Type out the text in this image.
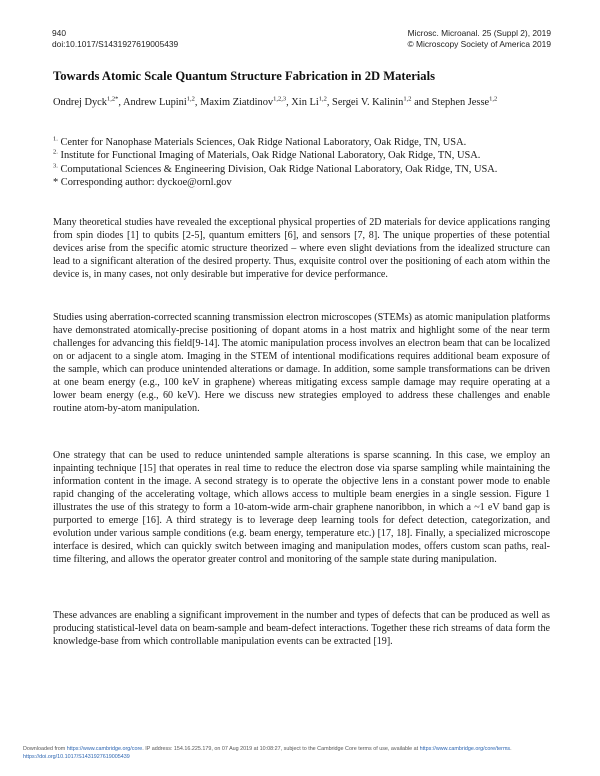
940
doi:10.1017/S1431927619005439
Microsc. Microanal. 25 (Suppl 2), 2019
© Microscopy Society of America 2019
Towards Atomic Scale Quantum Structure Fabrication in 2D Materials
Ondrej Dyck$^{1,2*}$, Andrew Lupini$^{1,2}$, Maxim Ziatdinov$^{1,2,3}$, Xin Li$^{1,2}$, Sergei V. Kalinin$^{1,2}$ and Stephen Jesse$^{1,2}$
$^{1.}$ Center for Nanophase Materials Sciences, Oak Ridge National Laboratory, Oak Ridge, TN, USA.
$^{2.}$ Institute for Functional Imaging of Materials, Oak Ridge National Laboratory, Oak Ridge, TN, USA.
$^{3.}$ Computational Sciences & Engineering Division, Oak Ridge National Laboratory, Oak Ridge, TN, USA.
* Corresponding author: dyckoe@ornl.gov
Many theoretical studies have revealed the exceptional physical properties of 2D materials for device applications ranging from spin diodes [1] to qubits [2-5], quantum emitters [6], and sensors [7, 8]. The unique properties of these potential devices arise from the specific atomic structure theorized – where even slight deviations from the idealized structure can lead to a significant alteration of the desired property. Thus, exquisite control over the positioning of each atom within the device is, in many cases, not only desirable but imperative for device performance.
Studies using aberration-corrected scanning transmission electron microscopes (STEMs) as atomic manipulation platforms have demonstrated atomically-precise positioning of dopant atoms in a host matrix and highlight some of the near term challenges for advancing this field[9-14]. The atomic manipulation process involves an electron beam that can be localized on or adjacent to a single atom. Imaging in the STEM of intentional modifications requires additional beam exposure of the sample, which can produce unintended alterations or damage. In addition, some sample transformations can be driven at one beam energy (e.g., 100 keV in graphene) whereas mitigating excess sample damage may require operating at a lower beam energy (e.g., 60 keV). Here we discuss new strategies employed to address these challenges and enable routine atom-by-atom manipulation.
One strategy that can be used to reduce unintended sample alterations is sparse scanning. In this case, we employ an inpainting technique [15] that operates in real time to reduce the electron dose via sparse sampling while maintaining the information content in the image. A second strategy is to operate the objective lens in a constant power mode to enable rapid changing of the accelerating voltage, which allows access to multiple beam energies in a single session. Figure 1 illustrates the use of this strategy to form a 10-atom-wide arm-chair graphene nanoribbon, in which a ~1 eV band gap is purported to emerge [16]. A third strategy is to leverage deep learning tools for defect detection, categorization, and evolution under various sample conditions (e.g. beam energy, temperature etc.) [17, 18]. Finally, a specialized microscope interface is desired, which can quickly switch between imaging and manipulation modes, offers custom scan paths, real-time filtering, and allows the operator greater control and monitoring of the sample state during manipulation.
These advances are enabling a significant improvement in the number and types of defects that can be produced as well as producing statistical-level data on beam-sample and beam-defect interactions. Together these rich streams of data form the knowledge-base from which controllable manipulation events can be extracted [19].
Downloaded from https://www.cambridge.org/core. IP address: 154.16.225.179, on 07 Aug 2019 at 10:08:27, subject to the Cambridge Core terms of use, available at https://www.cambridge.org/core/terms.
https://doi.org/10.1017/S1431927619005439
